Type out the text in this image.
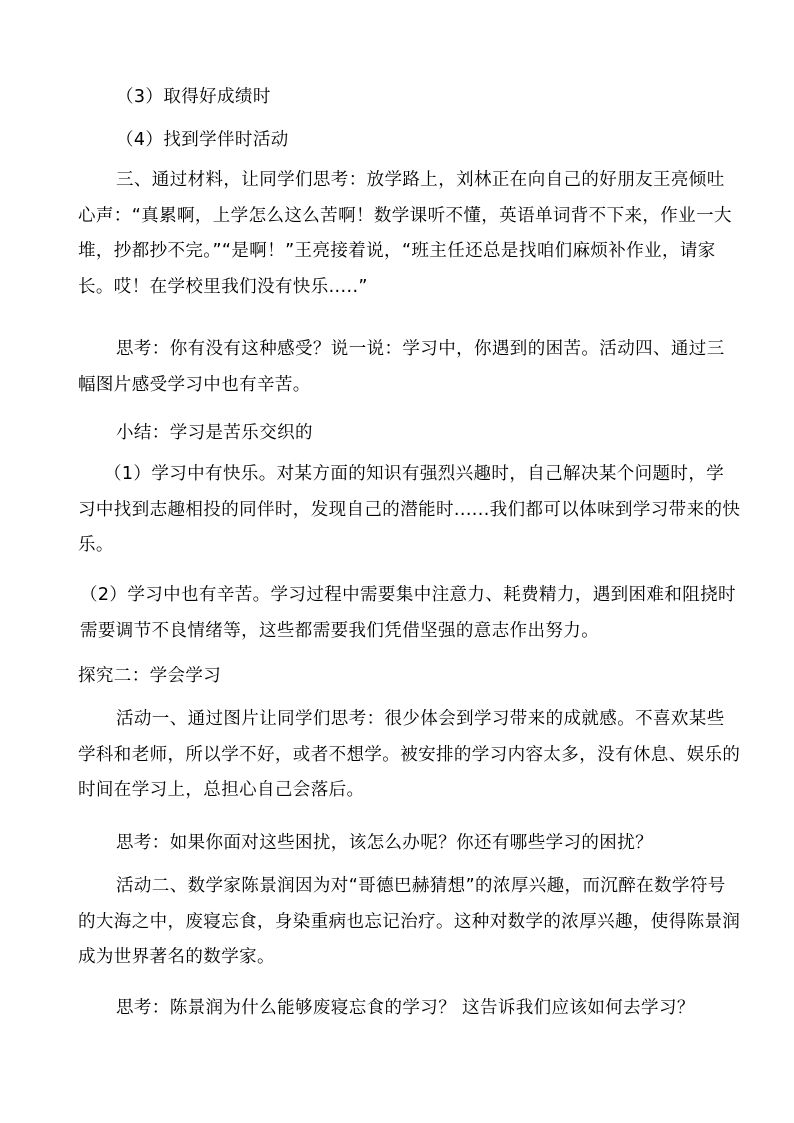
（3）取得好成绩时

（4）找到学伴时活动

三、通过材料，让同学们思考：放学路上，刘林正在向自己的好朋友王亮倾吐心声：“真累啊，上学怎么这么苦啊！数学课听不懂，英语单词背不下来，作业一大堆，抄都抄不完。”“是啊！”王亮接着说，“班主任还总是找咱们麻烦补作业，请家长。哎！在学校里我们没有快乐.....”

思考：你有没有这种感受？说一说：学习中，你遇到的困苦。活动四、通过三幅图片感受学习中也有辛苦。

小结：学习是苦乐交织的

（1）学习中有快乐。对某方面的知识有强烈兴趣时，自己解决某个问题时，学习中找到志趣相投的同伴时，发现自己的潜能时......我们都可以体味到学习带来的快乐。

（2）学习中也有辛苦。学习过程中需要集中注意力、耗费精力，遇到困难和阻挠时需要调节不良情绪等，这些都需要我们凭借坚强的意志作出努力。

探究二：学会学习

活动一、通过图片让同学们思考：很少体会到学习带来的成就感。不喜欢某些学科和老师，所以学不好，或者不想学。被安排的学习内容太多，没有休息、娱乐的时间在学习上，总担心自己会落后。

思考：如果你面对这些困扰，该怎么办呢？你还有哪些学习的困扰？

活动二、数学家陈景润因为对“哥德巴赫猜想”的浓厚兴趣，而沉醉在数学符号的大海之中，废寝忘食，身染重病也忘记治疗。这种对数学的浓厚兴趣，使得陈景润成为世界著名的数学家。

思考：陈景润为什么能够废寝忘食的学习？ 这告诉我们应该如何去学习？
